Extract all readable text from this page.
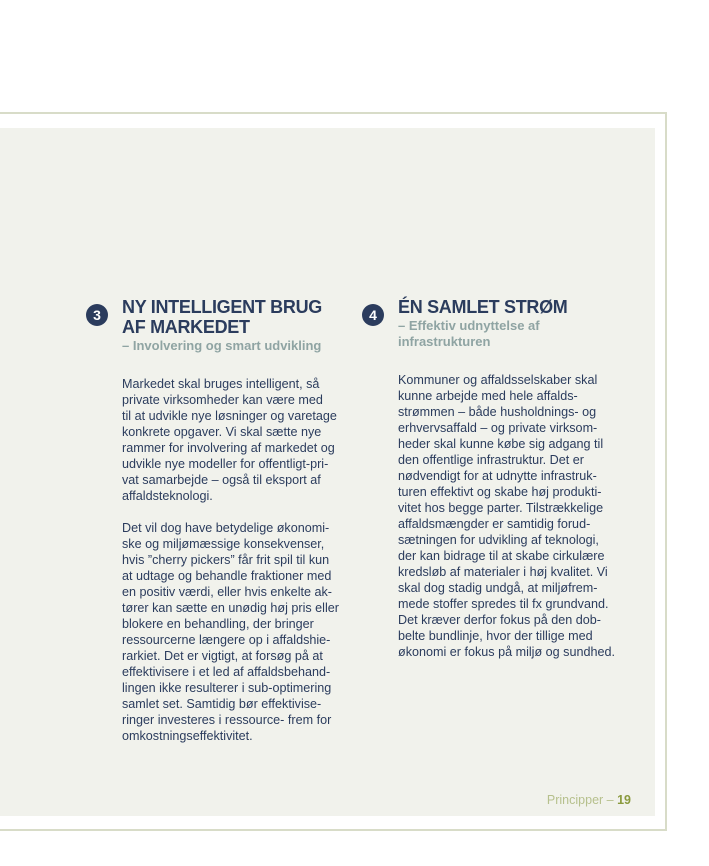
3	NY INTELLIGENT BRUG
AF MARKEDET
– Involvering og smart udvikling

Markedet skal bruges intelligent, så
private virksomheder kan være med
til at udvikle nye løsninger og varetage
konkrete opgaver. Vi skal sætte nye
rammer for involvering af markedet og
udvikle nye modeller for offentligt-pri-
vat samarbejde – også til eksport af
affaldsteknologi.

Det vil dog have betydelige økonomi-
ske og miljømæssige konsekvenser,
hvis ”cherry pickers” får frit spil til kun
at udtage og behandle fraktioner med
en positiv værdi, eller hvis enkelte ak-
tører kan sætte en unødig høj pris eller
blokere en behandling, der bringer
ressourcerne længere op i affaldshie-
rarkiet. Det er vigtigt, at forsøg på at
effektivisere i et led af affaldsbehand-
lingen ikke resulterer i sub-optimering
samlet set. Samtidig bør effektivise-
ringer investeres i ressource- frem for
omkostningseffektivitet.

4	ÉN SAMLET STRØM
– Effektiv udnyttelse af
infrastrukturen

Kommuner og affaldsselskaber skal
kunne arbejde med hele affalds-
strømmen – både husholdnings- og
erhvervsaffald – og private virksom-
heder skal kunne købe sig adgang til
den offentlige infrastruktur. Det er
nødvendigt for at udnytte infrastruk-
turen effektivt og skabe høj produkti-
vitet hos begge parter. Tilstrækkelige
affaldsmængder er samtidig forud-
sætningen for udvikling af teknologi,
der kan bidrage til at skabe cirkulære
kredsløb af materialer i høj kvalitet. Vi
skal dog stadig undgå, at miljøfrem-
mede stoffer spredes til fx grundvand.
Det kræver derfor fokus på den dob-
belte bundlinje, hvor der tillige med
økonomi er fokus på miljø og sundhed.

Principper – 19
